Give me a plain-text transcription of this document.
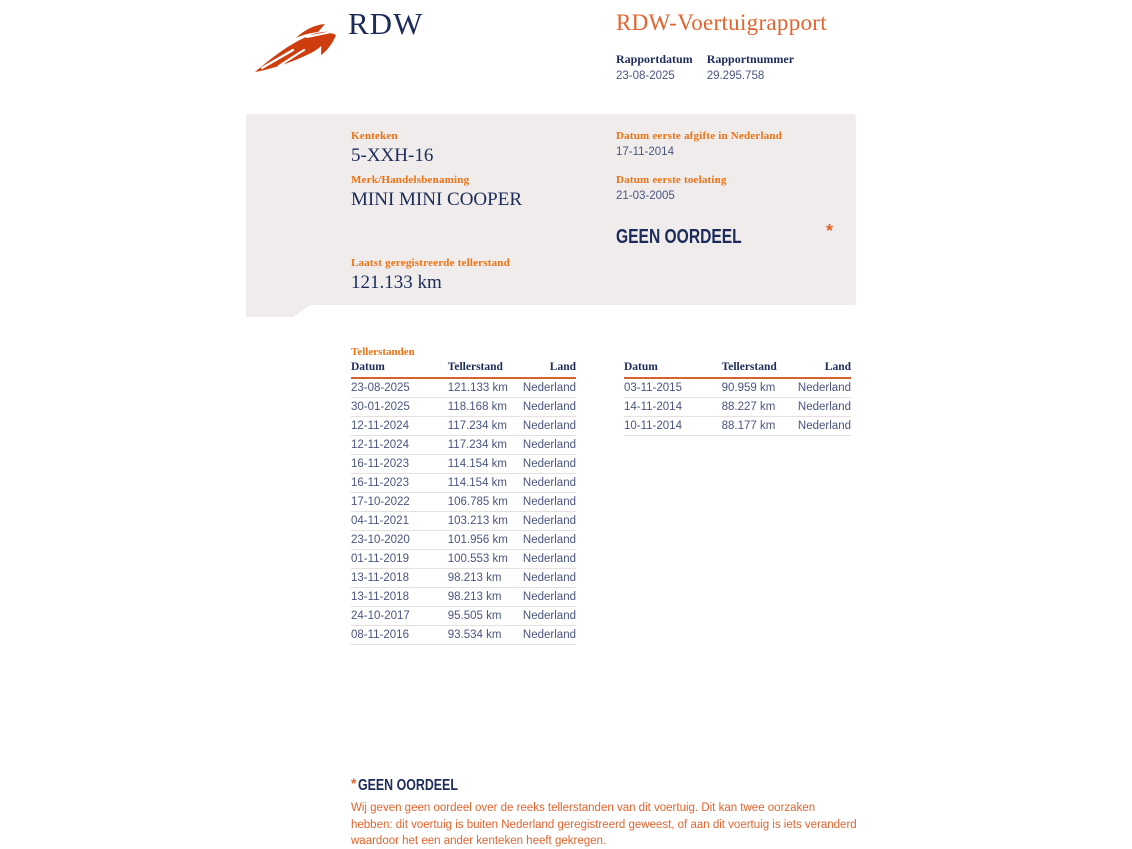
RDW	RDW-Voertuigrapport
Rapportdatum
23-08-2025
Rapportnummer
29.295.758
Kenteken
5-XXH-16
Merk/Handelsbenaming
MINI MINI COOPER
Laatst geregistreerde tellerstand
121.133 km
Datum eerste afgifte in Nederland
17-11-2014
Datum eerste toelating
21-03-2005
GEEN OORDEEL	*
Tellerstanden
Datum	Tellerstand	Land
23-08-2025	121.133 km	Nederland
30-01-2025	118.168 km	Nederland
12-11-2024	117.234 km	Nederland
12-11-2024	117.234 km	Nederland
16-11-2023	114.154 km	Nederland
16-11-2023	114.154 km	Nederland
17-10-2022	106.785 km	Nederland
04-11-2021	103.213 km	Nederland
23-10-2020	101.956 km	Nederland
01-11-2019	100.553 km	Nederland
13-11-2018	98.213 km	Nederland
13-11-2018	98.213 km	Nederland
24-10-2017	95.505 km	Nederland
08-11-2016	93.534 km	Nederland
Datum	Tellerstand	Land
03-11-2015	90.959 km	Nederland
14-11-2014	88.227 km	Nederland
10-11-2014	88.177 km	Nederland
* GEEN OORDEEL
Wij geven geen oordeel over de reeks tellerstanden van dit voertuig. Dit kan twee oorzaken hebben: dit voertuig is buiten Nederland geregistreerd geweest, of aan dit voertuig is iets veranderd waardoor het een ander kenteken heeft gekregen.
